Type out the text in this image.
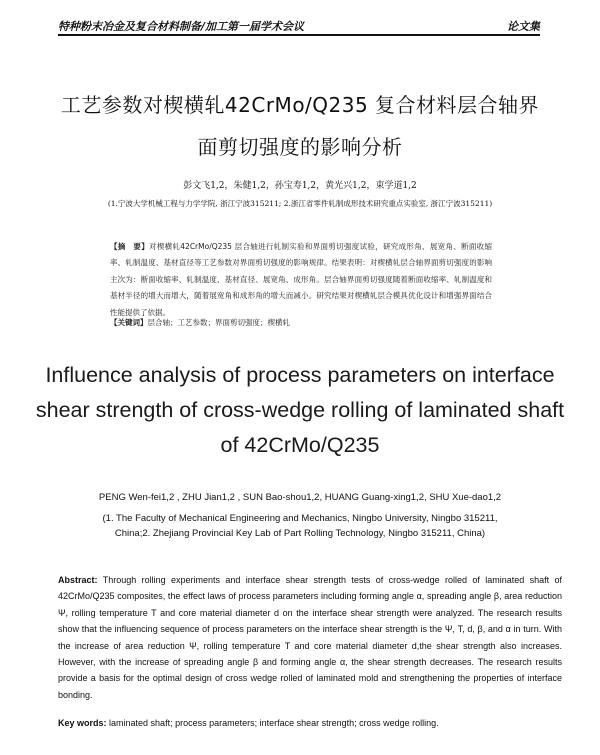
特种粉末冶金及复合材料制备/加工第一届学术会议	论文集
工艺参数对楔横轧42CrMo/Q235 复合材料层合轴界
面剪切强度的影响分析
彭文飞1,2，朱健1,2，孙宝寿1,2，黄光兴1,2，束学道1,2
(1.宁波大学机械工程与力学学院, 浙江宁波315211; 2.浙江省零件轧制成形技术研究重点实验室, 浙江宁波315211)
【摘　要】对楔横轧42CrMo/Q235 层合轴进行轧制实验和界面剪切强度试验，研究成形角、展宽角、断面收缩率、轧制温度、基材直径等工艺参数对界面剪切强度的影响规律。结果表明：对楔横轧层合轴界面剪切强度的影响主次为：断面收缩率、轧制温度、基材直径、展宽角、成形角。层合轴界面剪切强度随着断面收缩率、轧制温度和基材半径的增大而增大，随着展宽角和成形角的增大而减小。研究结果对楔横轧层合模具优化设计和增强界面结合性能提供了依据。
【关键词】层合轴；工艺参数；界面剪切强度；楔横轧
Influence analysis of process parameters on interface shear strength of cross-wedge rolling of laminated shaft of 42CrMo/Q235
PENG Wen-fei1,2 , ZHU Jian1,2 , SUN Bao-shou1,2, HUANG Guang-xing1,2, SHU Xue-dao1,2
(1. The Faculty of Mechanical Engineering and Mechanics, Ningbo University, Ningbo 315211, China;2. Zhejiang Provincial Key Lab of Part Rolling Technology, Ningbo 315211, China)
Abstract: Through rolling experiments and interface shear strength tests of cross-wedge rolled of laminated shaft of 42CrMo/Q235 composites, the effect laws of process parameters including forming angle α, spreading angle β, area reduction Ψ, rolling temperature T and core material diameter d on the interface shear strength were analyzed. The research results show that the influencing sequence of process parameters on the interface shear strength is the Ψ, T, d, β, and α in turn. With the increase of area reduction Ψ, rolling temperature T and core material diameter d,the shear strength also increases. However, with the increase of spreading angle β and forming angle α, the shear strength decreases. The research results provide a basis for the optimal design of cross wedge rolled of laminated mold and strengthening the properties of interface bonding.
Key words: laminated shaft; process parameters; interface shear strength; cross wedge rolling.
